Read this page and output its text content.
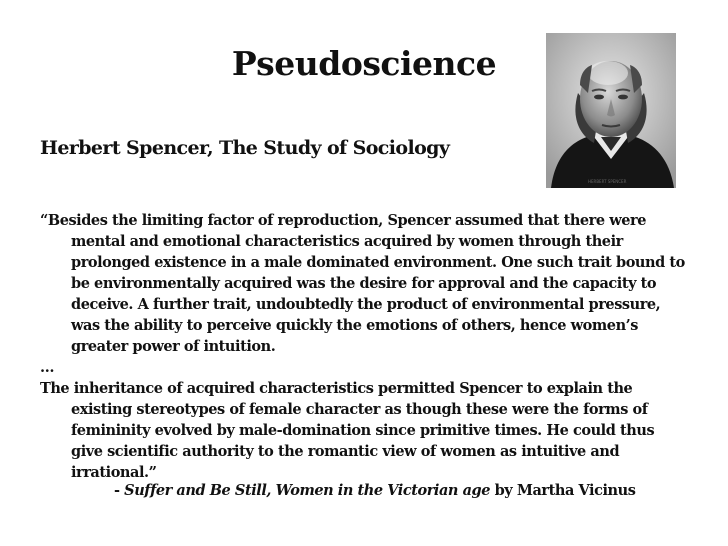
Pseudoscience
Herbert Spencer, The Study of Sociology
HERBERT SPENCER

“Besides the limiting factor of reproduction, Spencer assumed that there were mental and emotional characteristics acquired by women through their prolonged existence in a male dominated environment. One such trait bound to be environmentally acquired was the desire for approval and the capacity to deceive. A further trait, undoubtedly the product of environmental pressure, was the ability to perceive quickly the emotions of others, hence women’s greater power of intuition.

…

The inheritance of acquired characteristics permitted Spencer to explain the existing stereotypes of female character as though these were the forms of femininity evolved by male-domination since primitive times. He could thus give scientific authority to the romantic view of women as intuitive and irrational.”

- Suffer and Be Still, Women in the Victorian age by Martha Vicinus
